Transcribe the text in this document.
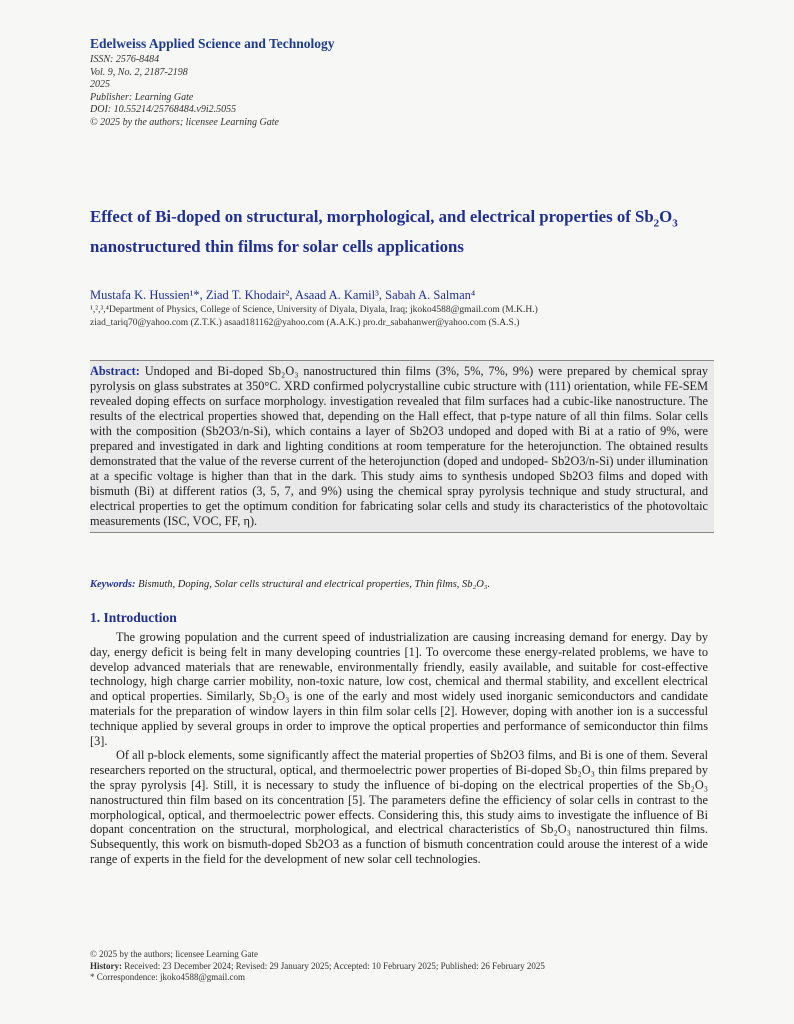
Edelweiss Applied Science and Technology
ISSN: 2576-8484
Vol. 9, No. 2, 2187-2198
2025
Publisher: Learning Gate
DOI: 10.55214/25768484.v9i2.5055
© 2025 by the authors; licensee Learning Gate
Effect of Bi-doped on structural, morphological, and electrical properties of $Sb_2O_3$ nanostructured thin films for solar cells applications
Mustafa K. Hussien¹*, Ziad T. Khodair², Asaad A. Kamil³, Sabah A. Salman⁴
¹,²,³,⁴Department of Physics, College of Science, University of Diyala, Diyala, Iraq; jkoko4588@gmail.com (M.K.H.)
ziad_tariq70@yahoo.com (Z.T.K.) asaad181162@yahoo.com (A.A.K.) pro.dr_sabahanwer@yahoo.com (S.A.S.)
Abstract: Undoped and Bi-doped Sb₂O₃ nanostructured thin films (3%, 5%, 7%, 9%) were prepared by chemical spray pyrolysis on glass substrates at 350°C. XRD confirmed polycrystalline cubic structure with (111) orientation, while FE-SEM revealed doping effects on surface morphology. investigation revealed that film surfaces had a cubic-like nanostructure. The results of the electrical properties showed that, depending on the Hall effect, that p-type nature of all thin films. Solar cells with the composition (Sb2O3/n-Si), which contains a layer of Sb2O3 undoped and doped with Bi at a ratio of 9%, were prepared and investigated in dark and lighting conditions at room temperature for the heterojunction. The obtained results demonstrated that the value of the reverse current of the heterojunction (doped and undoped- Sb2O3/n-Si) under illumination at a specific voltage is higher than that in the dark. This study aims to synthesis undoped Sb2O3 films and doped with bismuth (Bi) at different ratios (3, 5, 7, and 9%) using the chemical spray pyrolysis technique and study structural, and electrical properties to get the optimum condition for fabricating solar cells and study its characteristics of the photovoltaic measurements (ISC, VOC, FF, η).
Keywords: Bismuth, Doping, Solar cells structural and electrical properties, Thin films, Sb₂O₃.
1. Introduction

The growing population and the current speed of industrialization are causing increasing demand for energy. Day by day, energy deficit is being felt in many developing countries [1]. To overcome these energy-related problems, we have to develop advanced materials that are renewable, environmentally friendly, easily available, and suitable for cost-effective technology, high charge carrier mobility, non-toxic nature, low cost, chemical and thermal stability, and excellent electrical and optical properties. Similarly, Sb₂O₃ is one of the early and most widely used inorganic semiconductors and candidate materials for the preparation of window layers in thin film solar cells [2]. However, doping with another ion is a successful technique applied by several groups in order to improve the optical properties and performance of semiconductor thin films [3].

Of all p-block elements, some significantly affect the material properties of Sb2O3 films, and Bi is one of them. Several researchers reported on the structural, optical, and thermoelectric power properties of Bi-doped Sb₂O₃ thin films prepared by the spray pyrolysis [4]. Still, it is necessary to study the influence of bi-doping on the electrical properties of the Sb₂O₃ nanostructured thin film based on its concentration [5]. The parameters define the efficiency of solar cells in contrast to the morphological, optical, and thermoelectric power effects. Considering this, this study aims to investigate the influence of Bi dopant concentration on the structural, morphological, and electrical characteristics of Sb₂O₃ nanostructured thin films. Subsequently, this work on bismuth-doped Sb2O3 as a function of bismuth concentration could arouse the interest of a wide range of experts in the field for the development of new solar cell technologies.

© 2025 by the authors; licensee Learning Gate
History: Received: 23 December 2024; Revised: 29 January 2025; Accepted: 10 February 2025; Published: 26 February 2025
* Correspondence: jkoko4588@gmail.com
